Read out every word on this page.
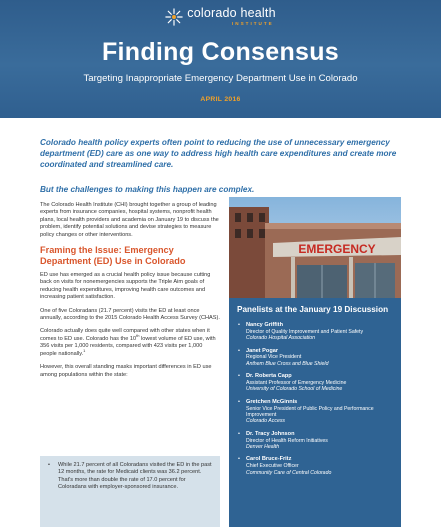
colorado health
INSTITUTE
Finding Consensus
Targeting Inappropriate Emergency Department Use in Colorado
APRIL 2016

Colorado health policy experts often point to reducing the use of unnecessary emergency department (ED) care as one way to address high health care expenditures and create more coordinated and streamlined care.

But the challenges to making this happen are complex.

The Colorado Health Institute (CHI) brought together a group of leading experts from insurance companies, hospital systems, nonprofit health plans, local health providers and academia on January 19 to discuss the problem, identify potential solutions and devise strategies to measure policy changes or other interventions.

Framing the Issue: Emergency Department (ED) Use in Colorado

ED use has emerged as a crucial health policy issue because cutting back on visits for nonemergencies supports the Triple Aim goals of reducing health expenditures, improving health care outcomes and increasing patient satisfaction.

One of five Coloradans (21.7 percent) visits the ED at least once annually, according to the 2015 Colorado Health Access Survey (CHAS).

Colorado actually does quite well compared with other states when it comes to ED use. Colorado has the 10th lowest volume of ED use, with 356 visits per 1,000 residents, compared with 423 visits per 1,000 people nationally.$^1$

However, this overall standing masks important differences in ED use among populations within the state:

• While 21.7 percent of all Coloradans visited the ED in the past 12 months, the rate for Medicaid clients was 36.2 percent. That's more than double the rate of 17.0 percent for Coloradans with employer-sponsored insurance.
EMERGENCY
Panelists at the January 19 Discussion
• Nancy Griffith
Director of Quality Improvement and Patient Safety
Colorado Hospital Association
• Janet Pogar
Regional Vice President
Anthem Blue Cross and Blue Shield
• Dr. Roberta Capp
Assistant Professor of Emergency Medicine
University of Colorado School of Medicine
• Gretchen McGinnis
Senior Vice President of Public Policy and Performance Improvement
Colorado Access
• Dr. Tracy Johnson
Director of Health Reform Initiatives
Denver Health
• Carol Bruce-Fritz
Chief Executive Officer
Community Care of Central Colorado
